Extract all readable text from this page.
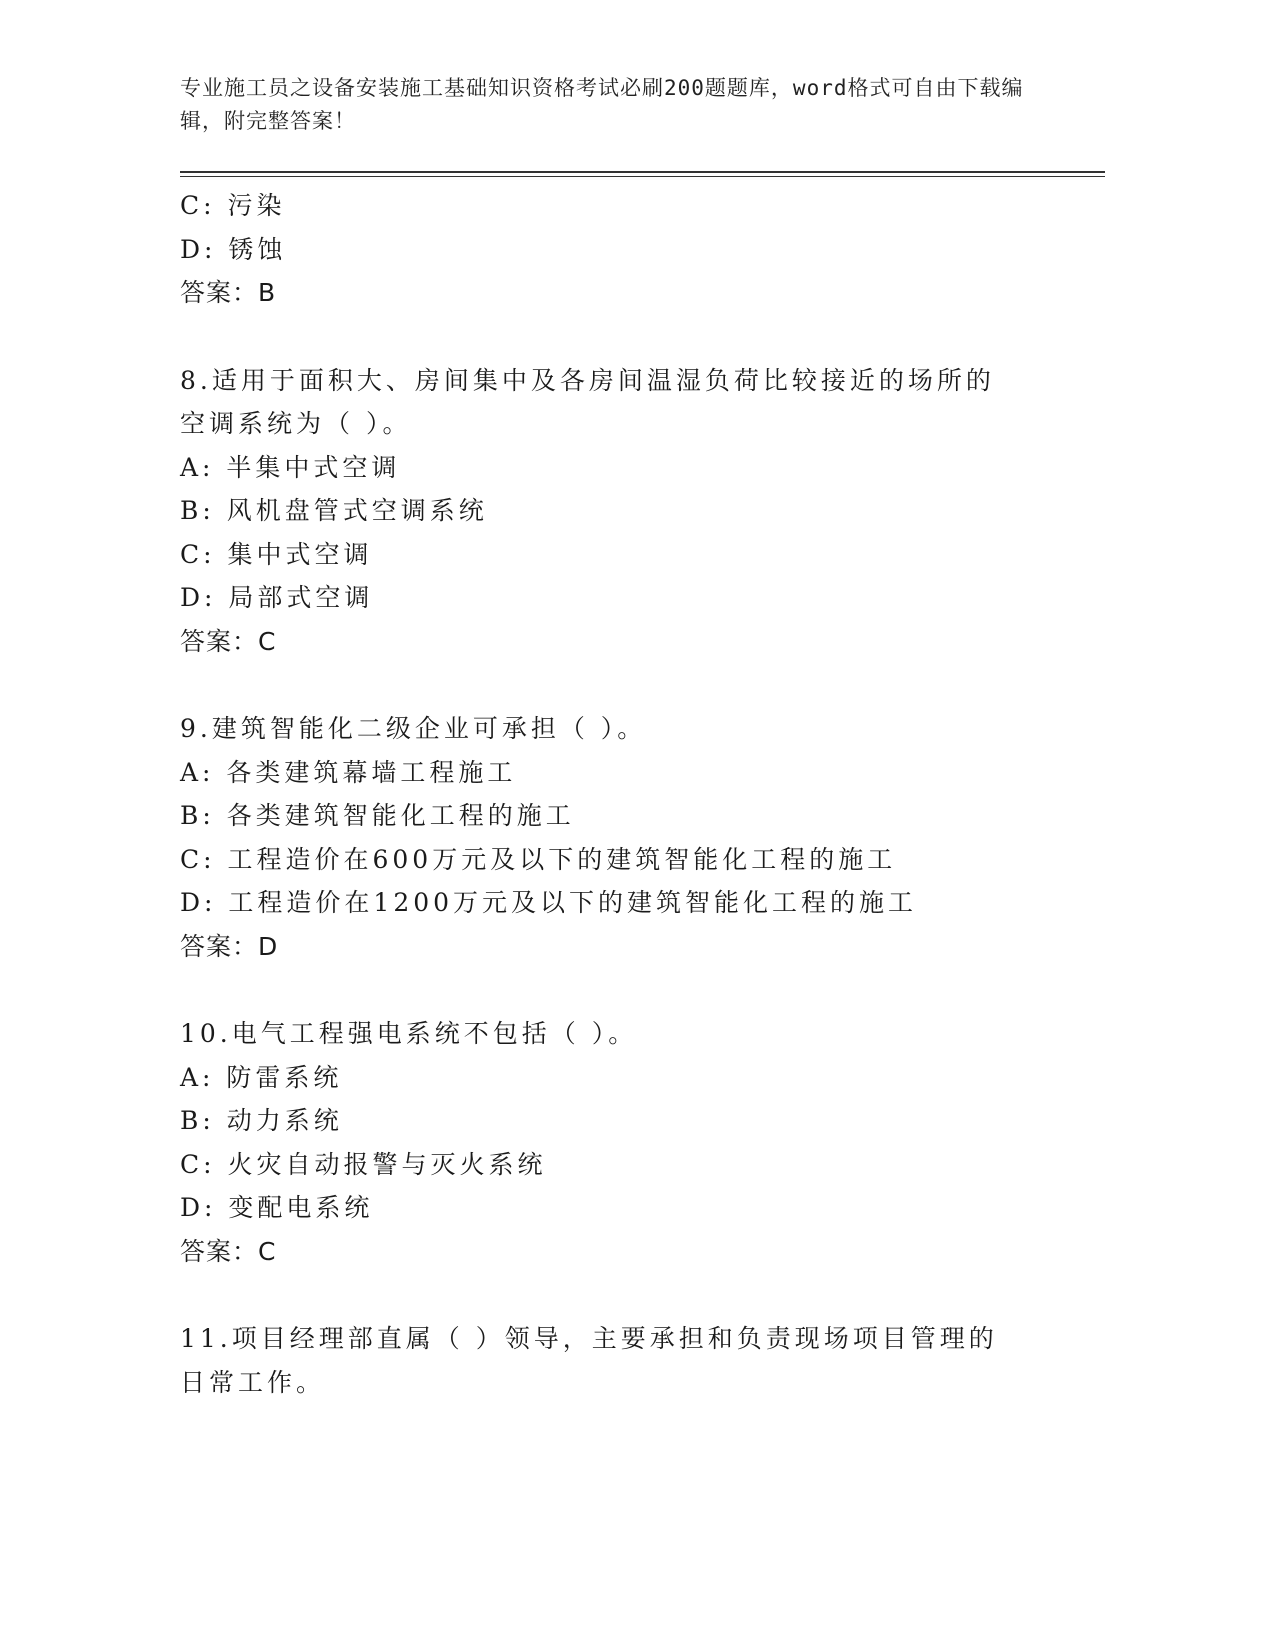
专业施工员之设备安装施工基础知识资格考试必刷200题题库，word格式可自由下载编辑，附完整答案！
C: 污染
D: 锈蚀
答案：B
8.适用于面积大、房间集中及各房间温湿负荷比较接近的场所的空调系统为（ ）。
A: 半集中式空调
B: 风机盘管式空调系统
C: 集中式空调
D: 局部式空调
答案：C
9.建筑智能化二级企业可承担（ ）。
A: 各类建筑幕墙工程施工
B: 各类建筑智能化工程的施工
C: 工程造价在600万元及以下的建筑智能化工程的施工
D: 工程造价在1200万元及以下的建筑智能化工程的施工
答案：D
10.电气工程强电系统不包括（ ）。
A: 防雷系统
B: 动力系统
C: 火灾自动报警与灭火系统
D: 变配电系统
答案：C
11.项目经理部直属（ ）领导，主要承担和负责现场项目管理的日常工作。
